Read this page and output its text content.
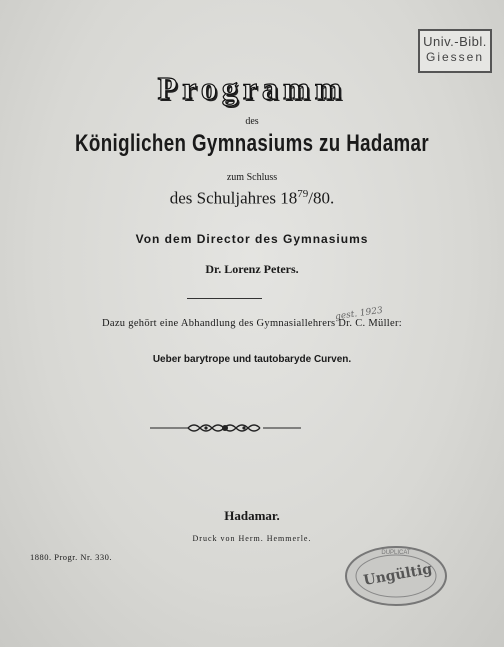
Univ.-Bibl.
Giessen
Programm
des
Königlichen Gymnasiums zu Hadamar
zum Schluss
des Schuljahres $18^{79}/80$.
Von dem Director des Gymnasiums
Dr. Lorenz Peters.
gest. 1923
Dazu gehört eine Abhandlung des Gymnasiallehrers Dr. C. Müller:
Ueber barytrope und tautobaryde Curven.
Hadamar.
Druck von Herm. Hemmerle.
1880. Progr. Nr. 330.	DUPLICAT
Ungültig
